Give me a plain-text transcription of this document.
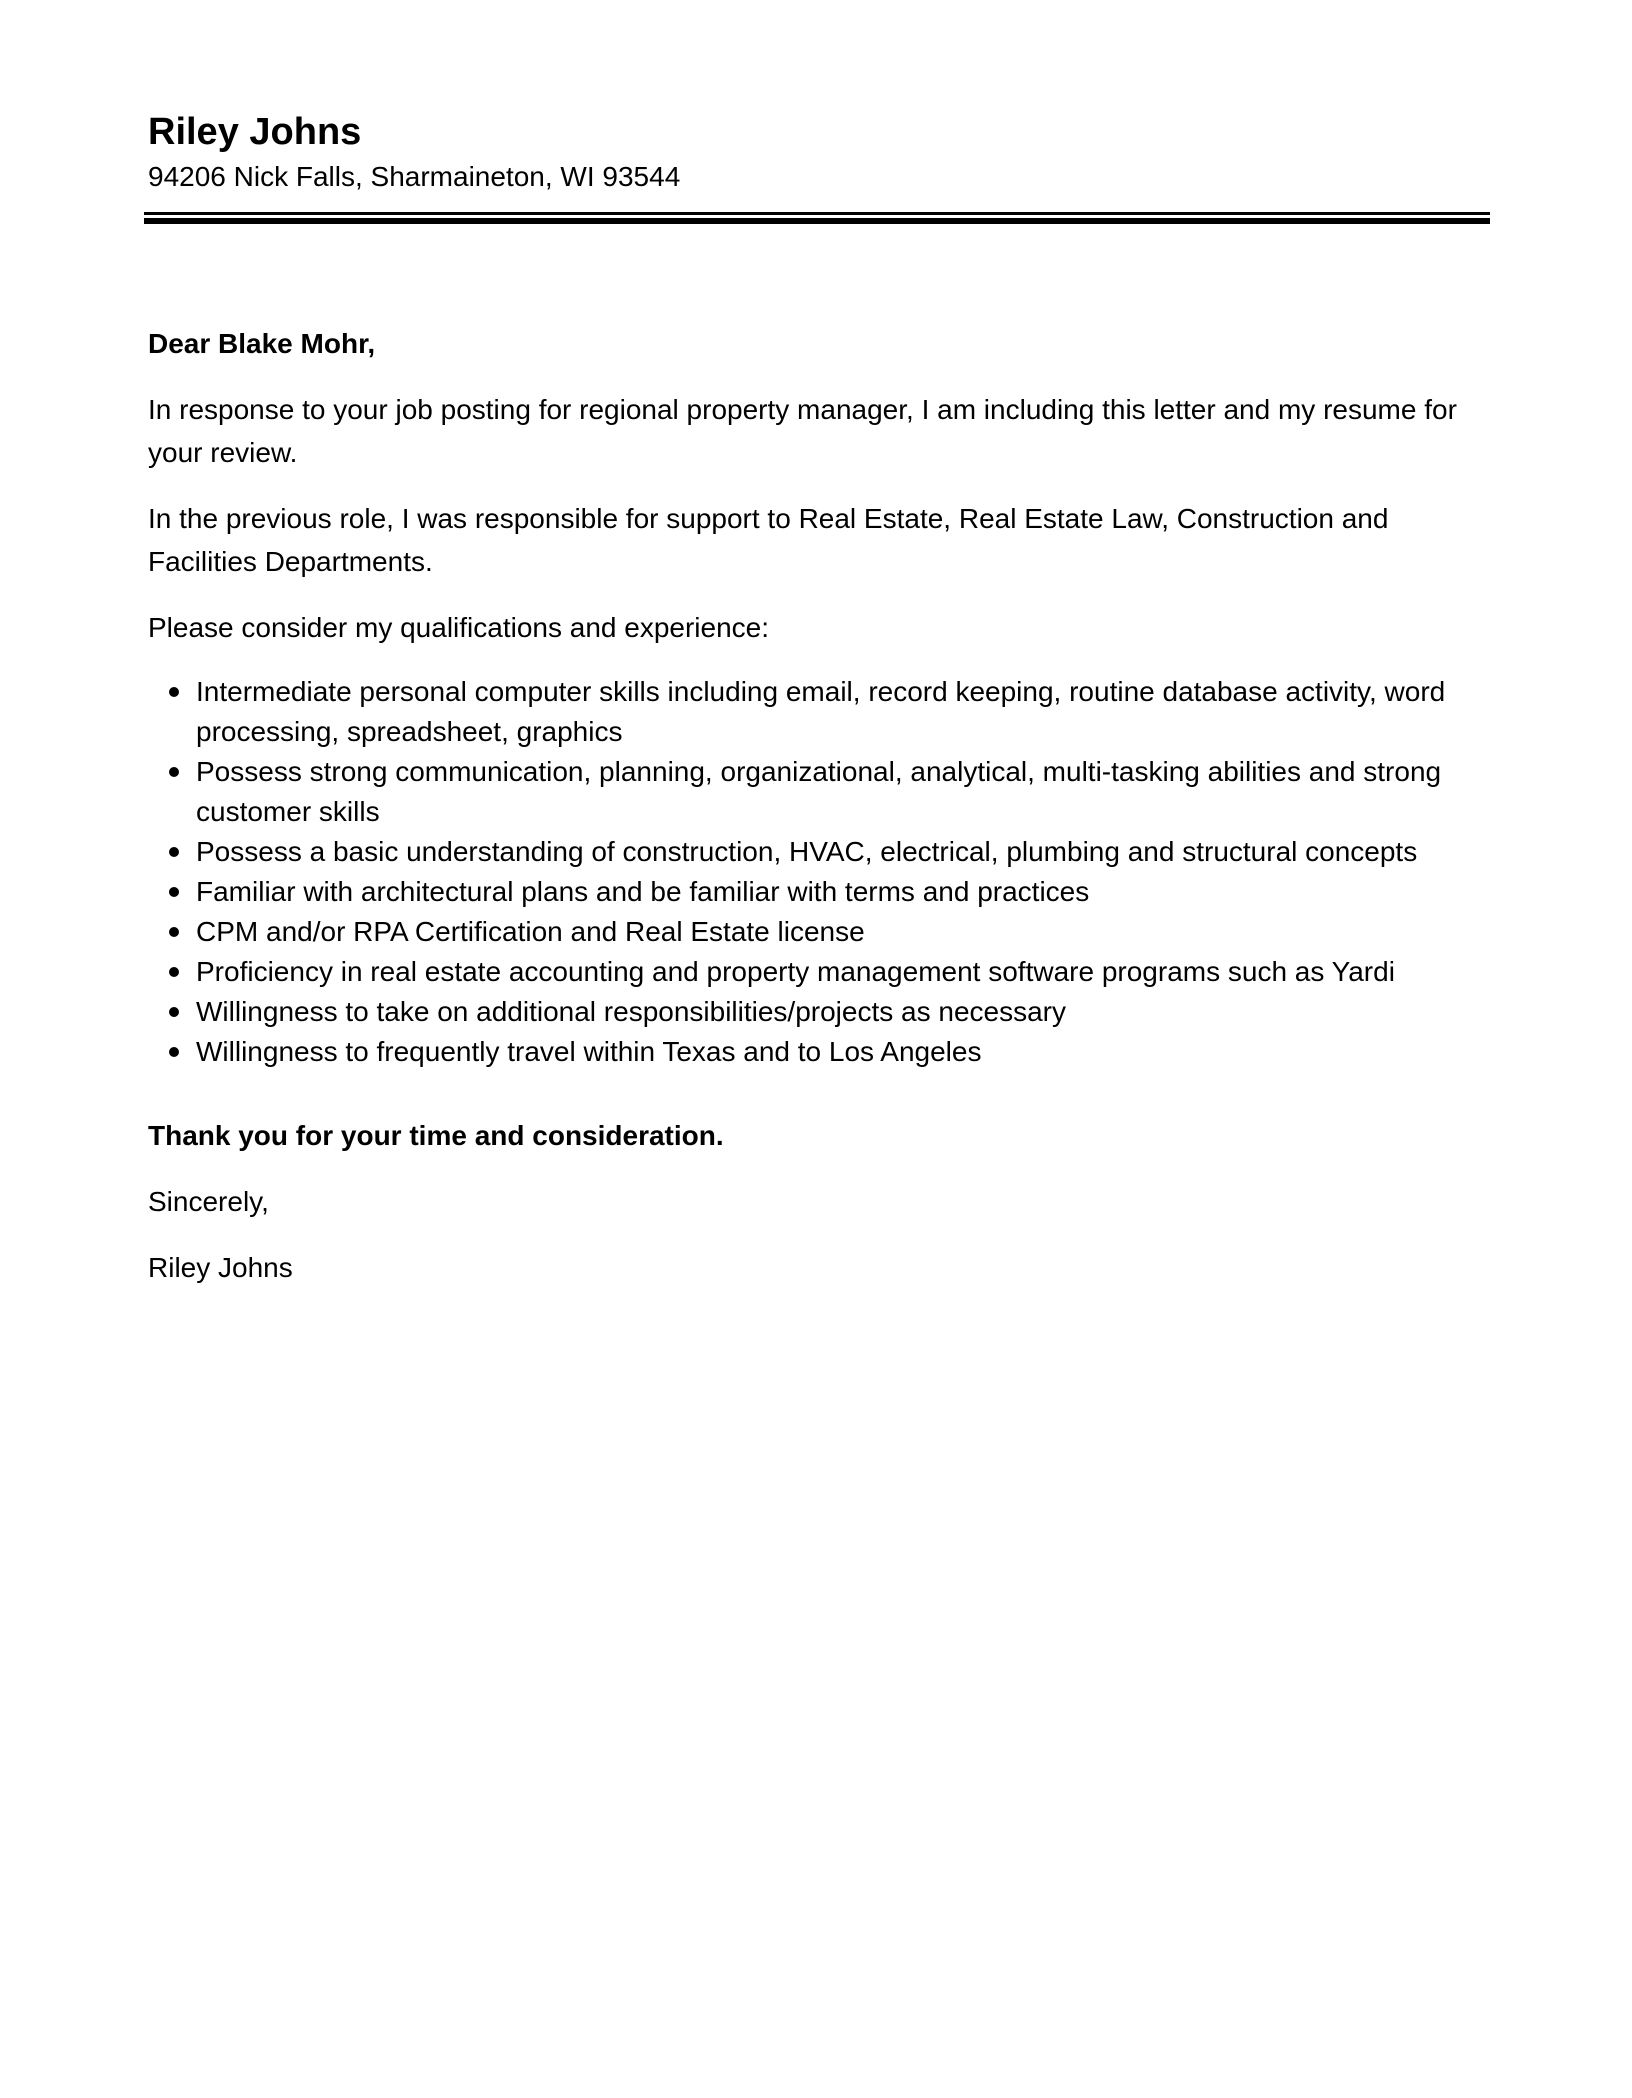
Riley Johns
94206 Nick Falls, Sharmaineton, WI 93544

Dear Blake Mohr,

In response to your job posting for regional property manager, I am including this letter and my resume for your review.

In the previous role, I was responsible for support to Real Estate, Real Estate Law, Construction and Facilities Departments.

Please consider my qualifications and experience:

Intermediate personal computer skills including email, record keeping, routine database activity, word processing, spreadsheet, graphics
Possess strong communication, planning, organizational, analytical, multi-tasking abilities and strong customer skills
Possess a basic understanding of construction, HVAC, electrical, plumbing and structural concepts
Familiar with architectural plans and be familiar with terms and practices
CPM and/or RPA Certification and Real Estate license
Proficiency in real estate accounting and property management software programs such as Yardi
Willingness to take on additional responsibilities/projects as necessary
Willingness to frequently travel within Texas and to Los Angeles

Thank you for your time and consideration.

Sincerely,

Riley Johns
